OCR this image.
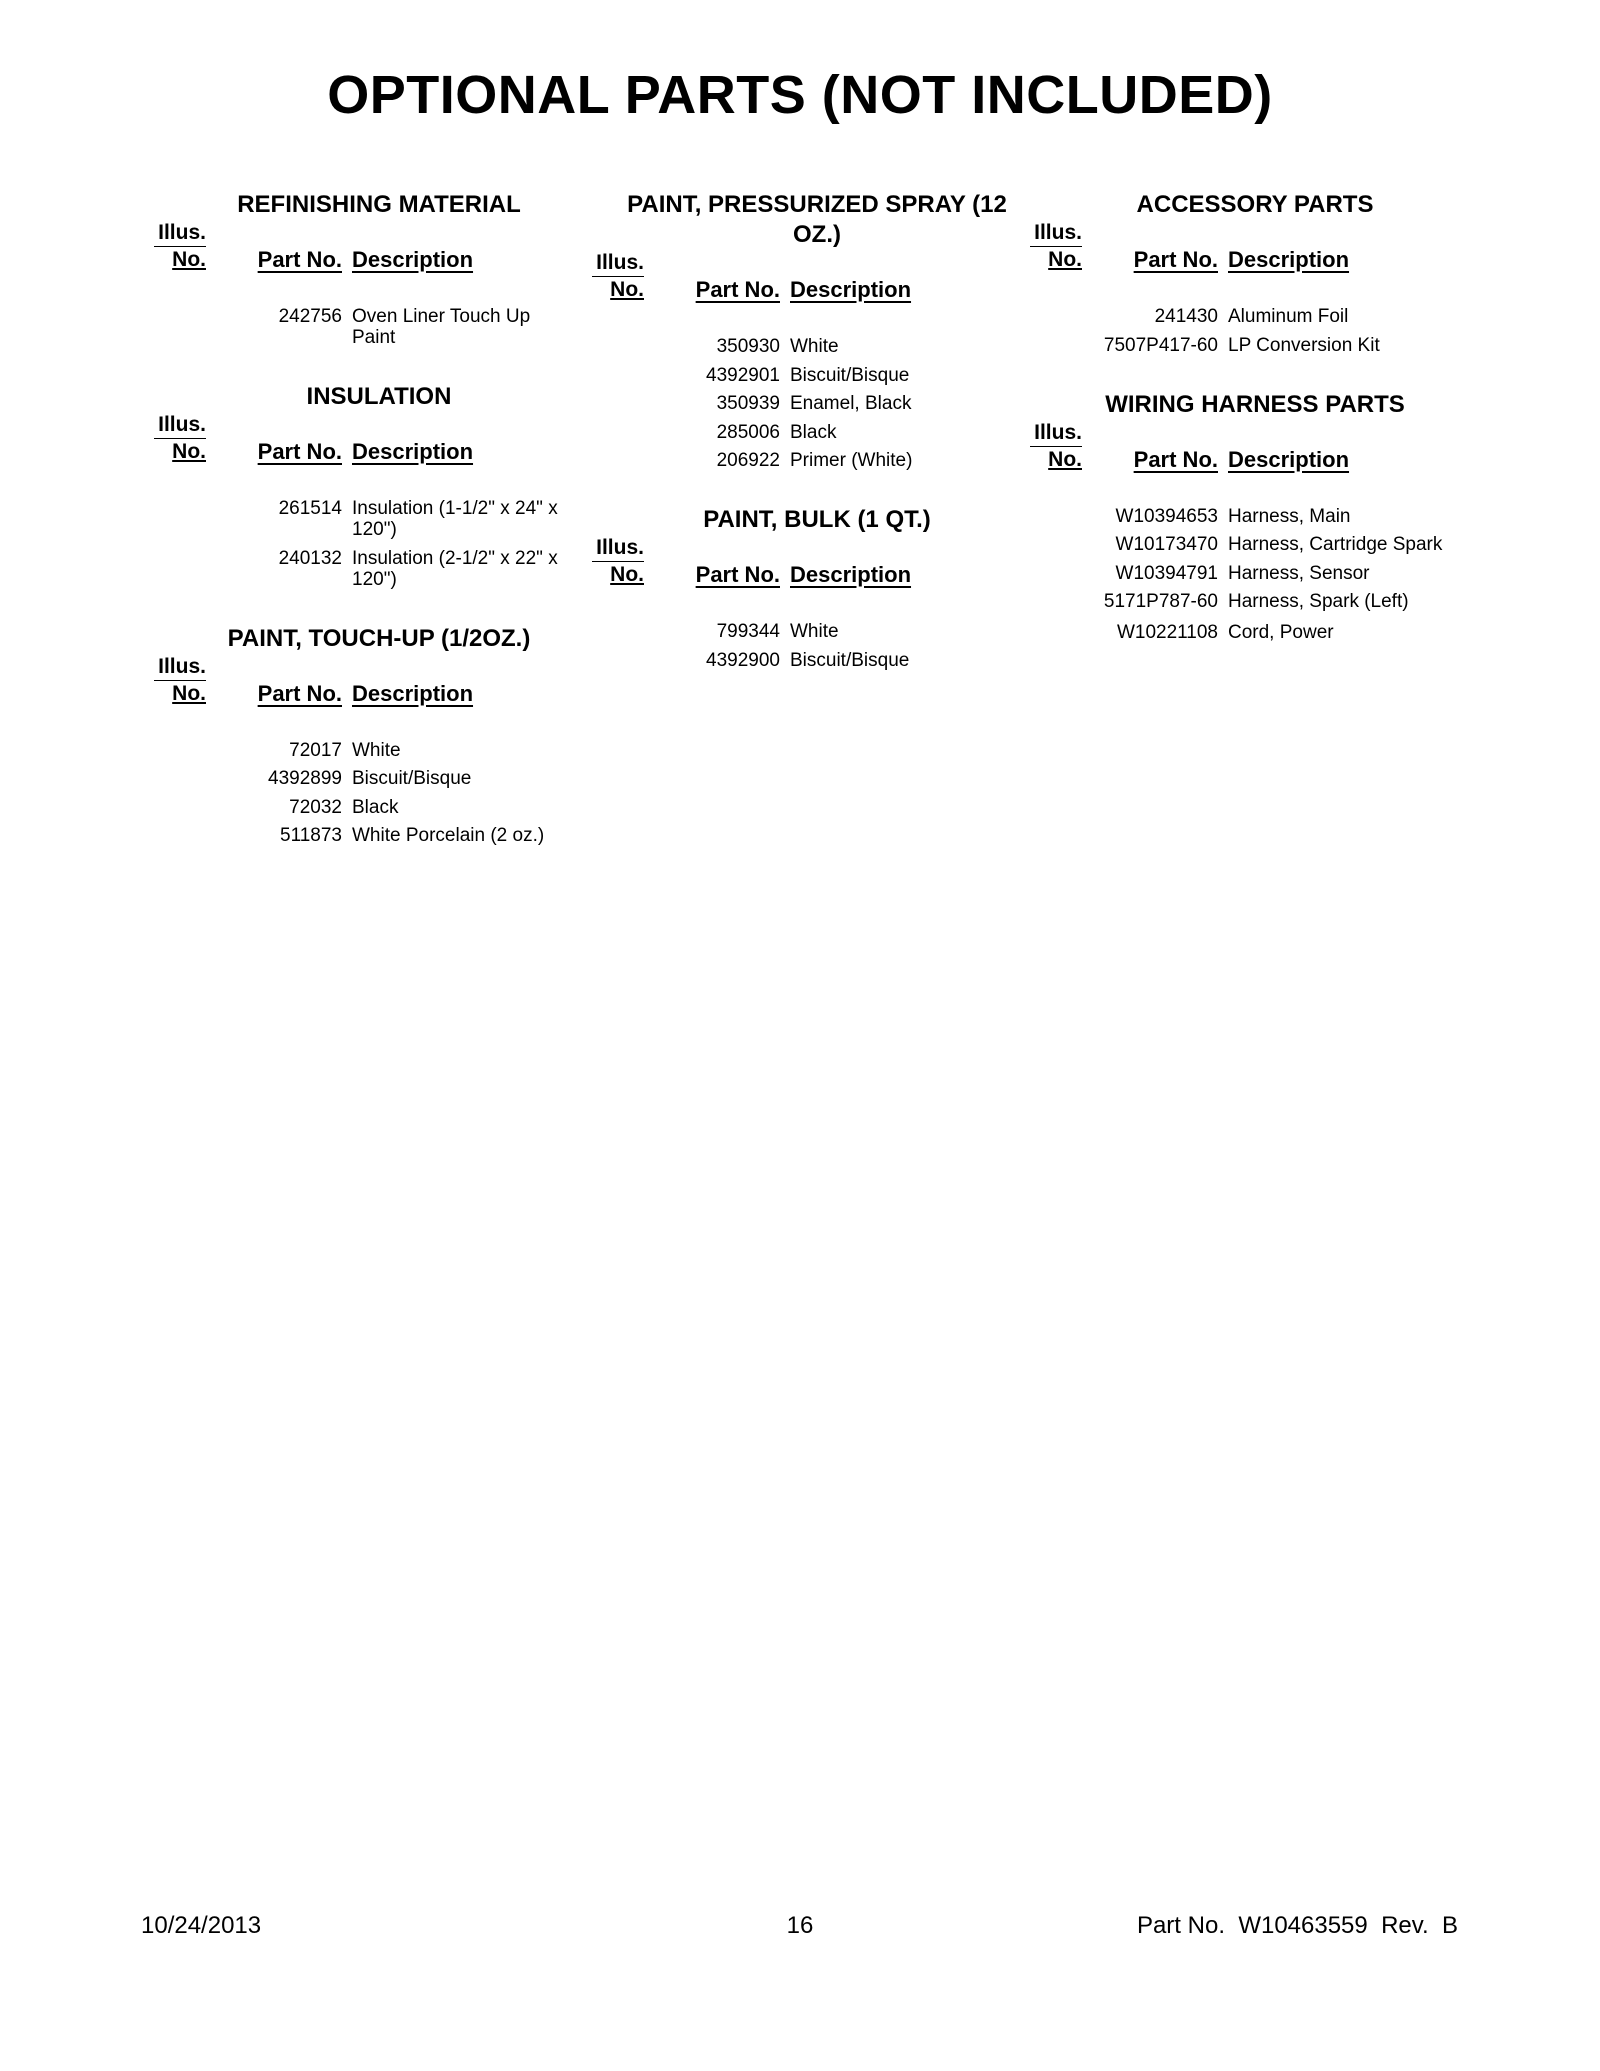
OPTIONAL PARTS (NOT INCLUDED)
REFINISHING MATERIAL
Illus.
No.	Part No. Description
242756 Oven Liner Touch Up Paint
INSULATION
Illus.
No.	Part No. Description
261514 Insulation (1-1/2" x 24" x 120")
240132 Insulation (2-1/2" x 22" x 120")
PAINT, TOUCH-UP (1/2OZ.)
Illus.
No.	Part No. Description
72017 White
4392899 Biscuit/Bisque
72032 Black
511873 White Porcelain (2 oz.)
PAINT, PRESSURIZED SPRAY (12 OZ.)
Illus.
No.	Part No. Description
350930 White
4392901 Biscuit/Bisque
350939 Enamel, Black
285006 Black
206922 Primer (White)
PAINT, BULK (1 QT.)
Illus.
No.	Part No. Description
799344 White
4392900 Biscuit/Bisque
ACCESSORY PARTS
Illus.
No.	Part No. Description
241430 Aluminum Foil
7507P417-60 LP Conversion Kit
WIRING HARNESS PARTS
Illus.
No.	Part No. Description
W10394653 Harness, Main
W10173470 Harness, Cartridge Spark
W10394791 Harness, Sensor
5171P787-60 Harness, Spark (Left)
W10221108 Cord, Power
10/24/2013	16	Part No.  W10463559  Rev.  B
